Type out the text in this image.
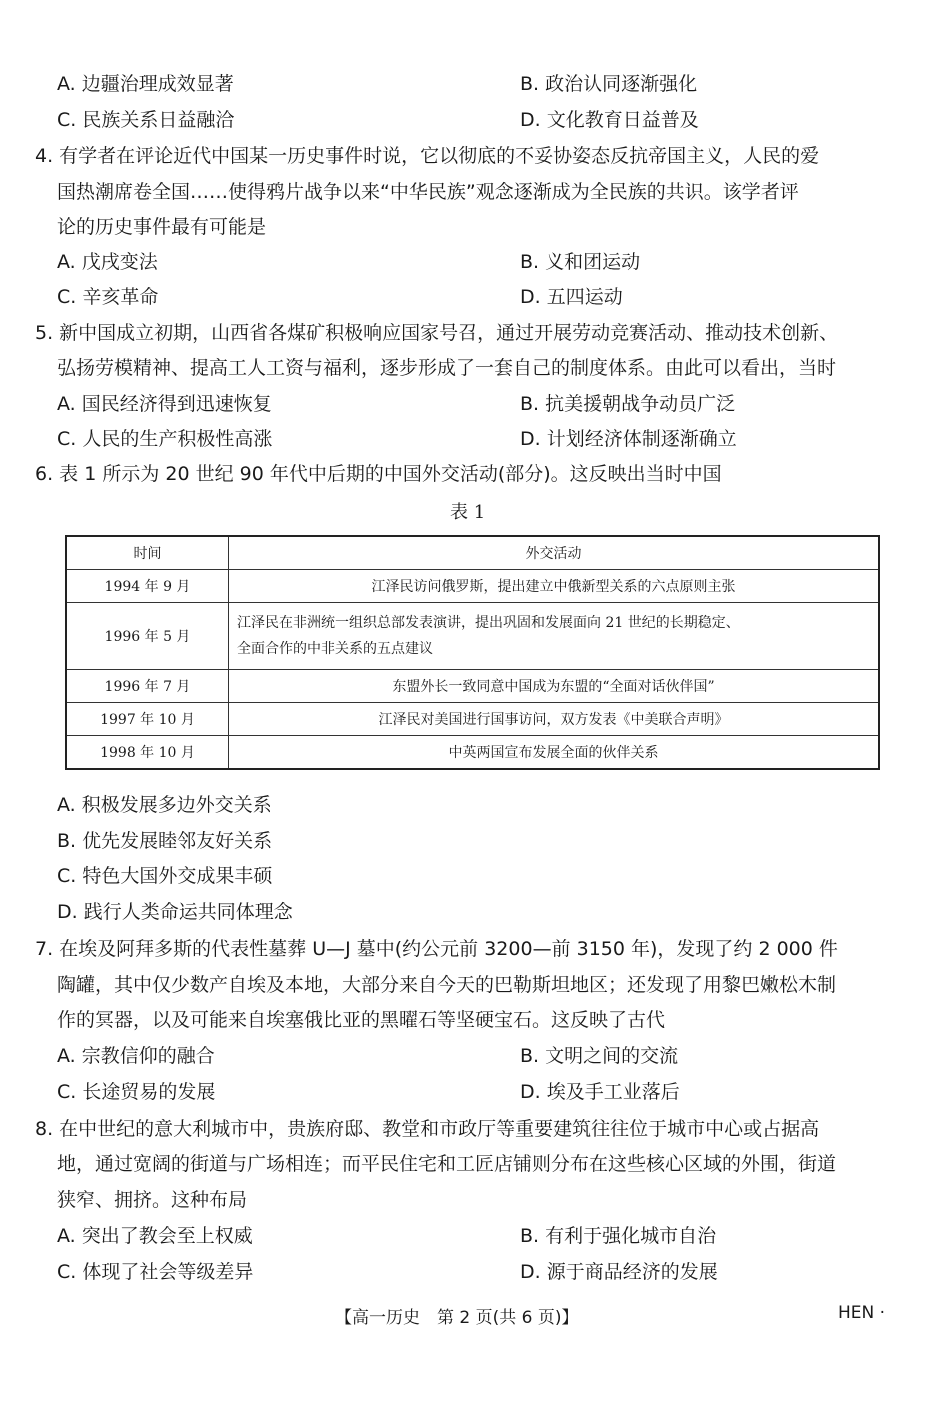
A. 边疆治理成效显著	B. 政治认同逐渐强化
C. 民族关系日益融洽	D. 文化教育日益普及
4. 有学者在评论近代中国某一历史事件时说，它以彻底的不妥协姿态反抗帝国主义，人民的爱
国热潮席卷全国……使得鸦片战争以来“中华民族”观念逐渐成为全民族的共识。该学者评
论的历史事件最有可能是
A. 戊戌变法	B. 义和团运动
C. 辛亥革命	D. 五四运动
5. 新中国成立初期，山西省各煤矿积极响应国家号召，通过开展劳动竞赛活动、推动技术创新、
弘扬劳模精神、提高工人工资与福利，逐步形成了一套自己的制度体系。由此可以看出，当时
A. 国民经济得到迅速恢复	B. 抗美援朝战争动员广泛
C. 人民的生产积极性高涨	D. 计划经济体制逐渐确立
6. 表 1 所示为 20 世纪 90 年代中后期的中国外交活动(部分)。这反映出当时中国
表 1
时间	外交活动
1994 年 9 月	江泽民访问俄罗斯，提出建立中俄新型关系的六点原则主张
1996 年 5 月	江泽民在非洲统一组织总部发表演讲，提出巩固和发展面向 21 世纪的长期稳定、
全面合作的中非关系的五点建议

1996 年 7 月	东盟外长一致同意中国成为东盟的“全面对话伙伴国”
1997 年 10 月	江泽民对美国进行国事访问，双方发表《中美联合声明》
1998 年 10 月	中英两国宣布发展全面的伙伴关系
A. 积极发展多边外交关系
B. 优先发展睦邻友好关系
C. 特色大国外交成果丰硕
D. 践行人类命运共同体理念
7. 在埃及阿拜多斯的代表性墓葬 U—J 墓中(约公元前 3200—前 3150 年)，发现了约 2 000 件
陶罐，其中仅少数产自埃及本地，大部分来自今天的巴勒斯坦地区；还发现了用黎巴嫩松木制
作的冥器，以及可能来自埃塞俄比亚的黑曜石等坚硬宝石。这反映了古代
A. 宗教信仰的融合	B. 文明之间的交流
C. 长途贸易的发展	D. 埃及手工业落后
8. 在中世纪的意大利城市中，贵族府邸、教堂和市政厅等重要建筑往往位于城市中心或占据高
地，通过宽阔的街道与广场相连；而平民住宅和工匠店铺则分布在这些核心区域的外围，街道
狭窄、拥挤。这种布局
A. 突出了教会至上权威	B. 有利于强化城市自治
C. 体现了社会等级差异	D. 源于商品经济的发展
【高一历史　第 2 页(共 6 页)】	HEN ·
